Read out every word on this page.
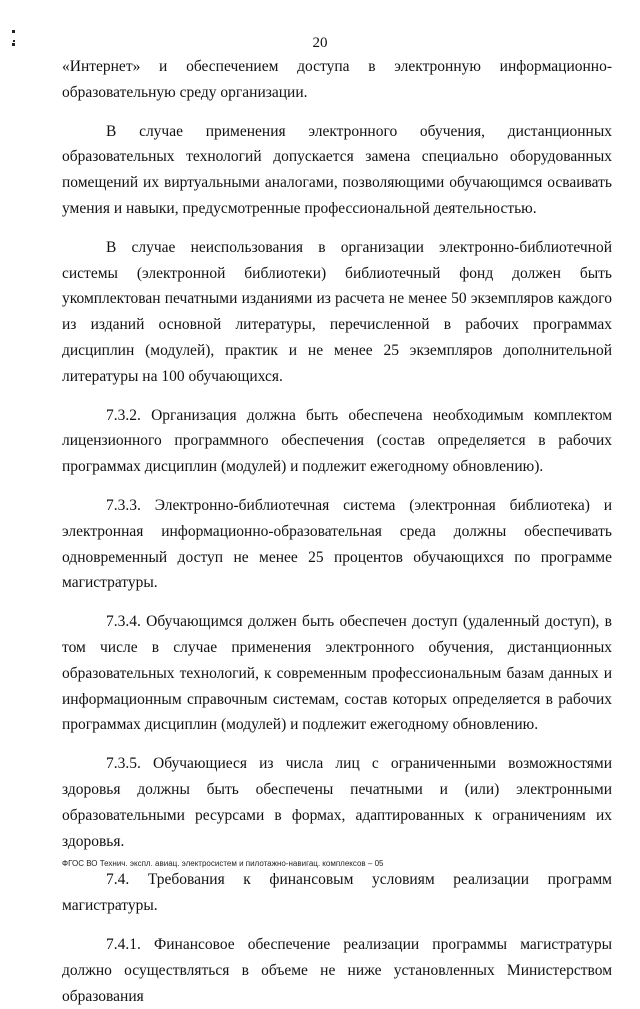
20

«Интернет» и обеспечением доступа в электронную информационно-образовательную среду организации.

В случае применения электронного обучения, дистанционных образовательных технологий допускается замена специально оборудованных помещений их виртуальными аналогами, позволяющими обучающимся осваивать умения и навыки, предусмотренные профессиональной деятельностью.

В случае неиспользования в организации электронно-библиотечной системы (электронной библиотеки) библиотечный фонд должен быть укомплектован печатными изданиями из расчета не менее 50 экземпляров каждого из изданий основной литературы, перечисленной в рабочих программах дисциплин (модулей), практик и не менее 25 экземпляров дополнительной литературы на 100 обучающихся.

7.3.2. Организация должна быть обеспечена необходимым комплектом лицензионного программного обеспечения (состав определяется в рабочих программах дисциплин (модулей) и подлежит ежегодному обновлению).

7.3.3. Электронно-библиотечная система (электронная библиотека) и электронная информационно-образовательная среда должны обеспечивать одновременный доступ не менее 25 процентов обучающихся по программе магистратуры.

7.3.4. Обучающимся должен быть обеспечен доступ (удаленный доступ), в том числе в случае применения электронного обучения, дистанционных образовательных технологий, к современным профессиональным базам данных и информационным справочным системам, состав которых определяется в рабочих программах дисциплин (модулей) и подлежит ежегодному обновлению.

7.3.5. Обучающиеся из числа лиц с ограниченными возможностями здоровья должны быть обеспечены печатными и (или) электронными образовательными ресурсами в формах, адаптированных к ограничениям их здоровья.

7.4. Требования к финансовым условиям реализации программ магистратуры.

7.4.1. Финансовое обеспечение реализации программы магистратуры должно осуществляться в объеме не ниже установленных Министерством образования

ФГОС ВО Технич. экспл. авиац. электросистем и пилотажно-навигац. комплексов – 05
